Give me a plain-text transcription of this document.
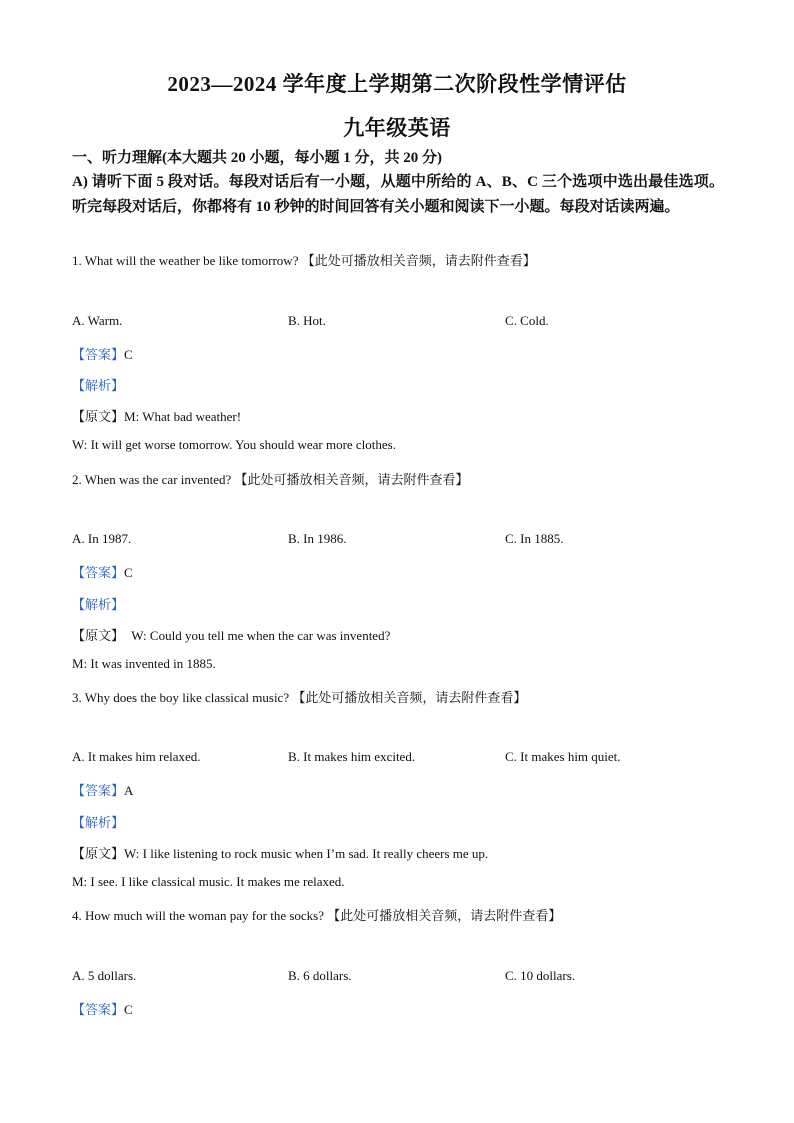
2023—2024 学年度上学期第二次阶段性学情评估
九年级英语
一、听力理解(本大题共 20 小题，每小题 1 分，共 20 分)
A) 请听下面 5 段对话。每段对话后有一小题，从题中所给的 A、B、C 三个选项中选出最佳选项。听完每段对话后，你都将有 10 秒钟的时间回答有关小题和阅读下一小题。每段对话读两遍。
1. What will the weather be like tomorrow? 【此处可播放相关音频，请去附件查看】
A. Warm.	B. Hot.	C. Cold.
【答案】C
【解析】
【原文】M: What bad weather!
W: It will get worse tomorrow. You should wear more clothes.
2. When was the car invented? 【此处可播放相关音频，请去附件查看】
A. In 1987.	B. In 1986.	C. In 1885.
【答案】C
【解析】
【原文】 W: Could you tell me when the car was invented?
M: It was invented in 1885.
3. Why does the boy like classical music? 【此处可播放相关音频，请去附件查看】
A. It makes him relaxed.	B. It makes him excited.	C. It makes him quiet.
【答案】A
【解析】
【原文】W: I like listening to rock music when I’m sad. It really cheers me up.
M: I see. I like classical music. It makes me relaxed.
4. How much will the woman pay for the socks? 【此处可播放相关音频，请去附件查看】
A. 5 dollars.	B. 6 dollars.	C. 10 dollars.
【答案】C
